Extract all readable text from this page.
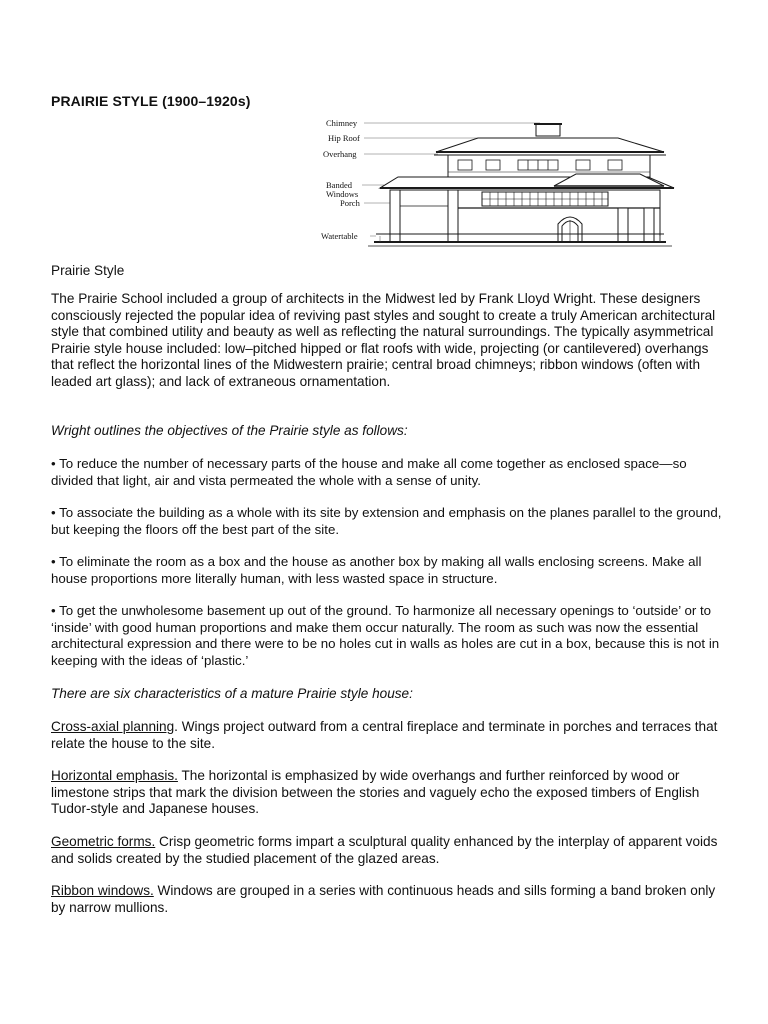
PRAIRIE STYLE (1900–1920s)
Chimney
Hip Roof
Overhang
Banded
Windows
Porch
Watertable

Prairie Style

The Prairie School included a group of architects in the Midwest led by Frank Lloyd Wright. These designers consciously rejected the popular idea of reviving past styles and sought to create a truly American architectural style that combined utility and beauty as well as reflecting the natural surroundings. The typically asymmetrical Prairie style house included: low–pitched hipped or flat roofs with wide, projecting (or cantilevered) overhangs that reflect the horizontal lines of the Midwestern prairie; central broad chimneys; ribbon windows (often with leaded art glass); and lack of extraneous ornamentation.

Wright outlines the objectives of the Prairie style as follows:

• To reduce the number of necessary parts of the house and make all come together as enclosed space—so divided that light, air and vista permeated the whole with a sense of unity.

• To associate the building as a whole with its site by extension and emphasis on the planes parallel to the ground, but keeping the floors off the best part of the site.

• To eliminate the room as a box and the house as another box by making all walls enclosing screens. Make all house proportions more literally human, with less wasted space in structure.

• To get the unwholesome basement up out of the ground. To harmonize all necessary openings to ‘outside’ or to ‘inside’ with good human proportions and make them occur naturally. The room as such was now the essential architectural expression and there were to be no holes cut in walls as holes are cut in a box, because this is not in keeping with the ideas of ‘plastic.’

There are six characteristics of a mature Prairie style house:

Cross-axial planning. Wings project outward from a central fireplace and terminate in porches and terraces that relate the house to the site.

Horizontal emphasis. The horizontal is emphasized by wide overhangs and further reinforced by wood or limestone strips that mark the division between the stories and vaguely echo the exposed timbers of English Tudor-style and Japanese houses.

Geometric forms. Crisp geometric forms impart a sculptural quality enhanced by the interplay of apparent voids and solids created by the studied placement of the glazed areas.

Ribbon windows. Windows are grouped in a series with continuous heads and sills forming a band broken only by narrow mullions.
